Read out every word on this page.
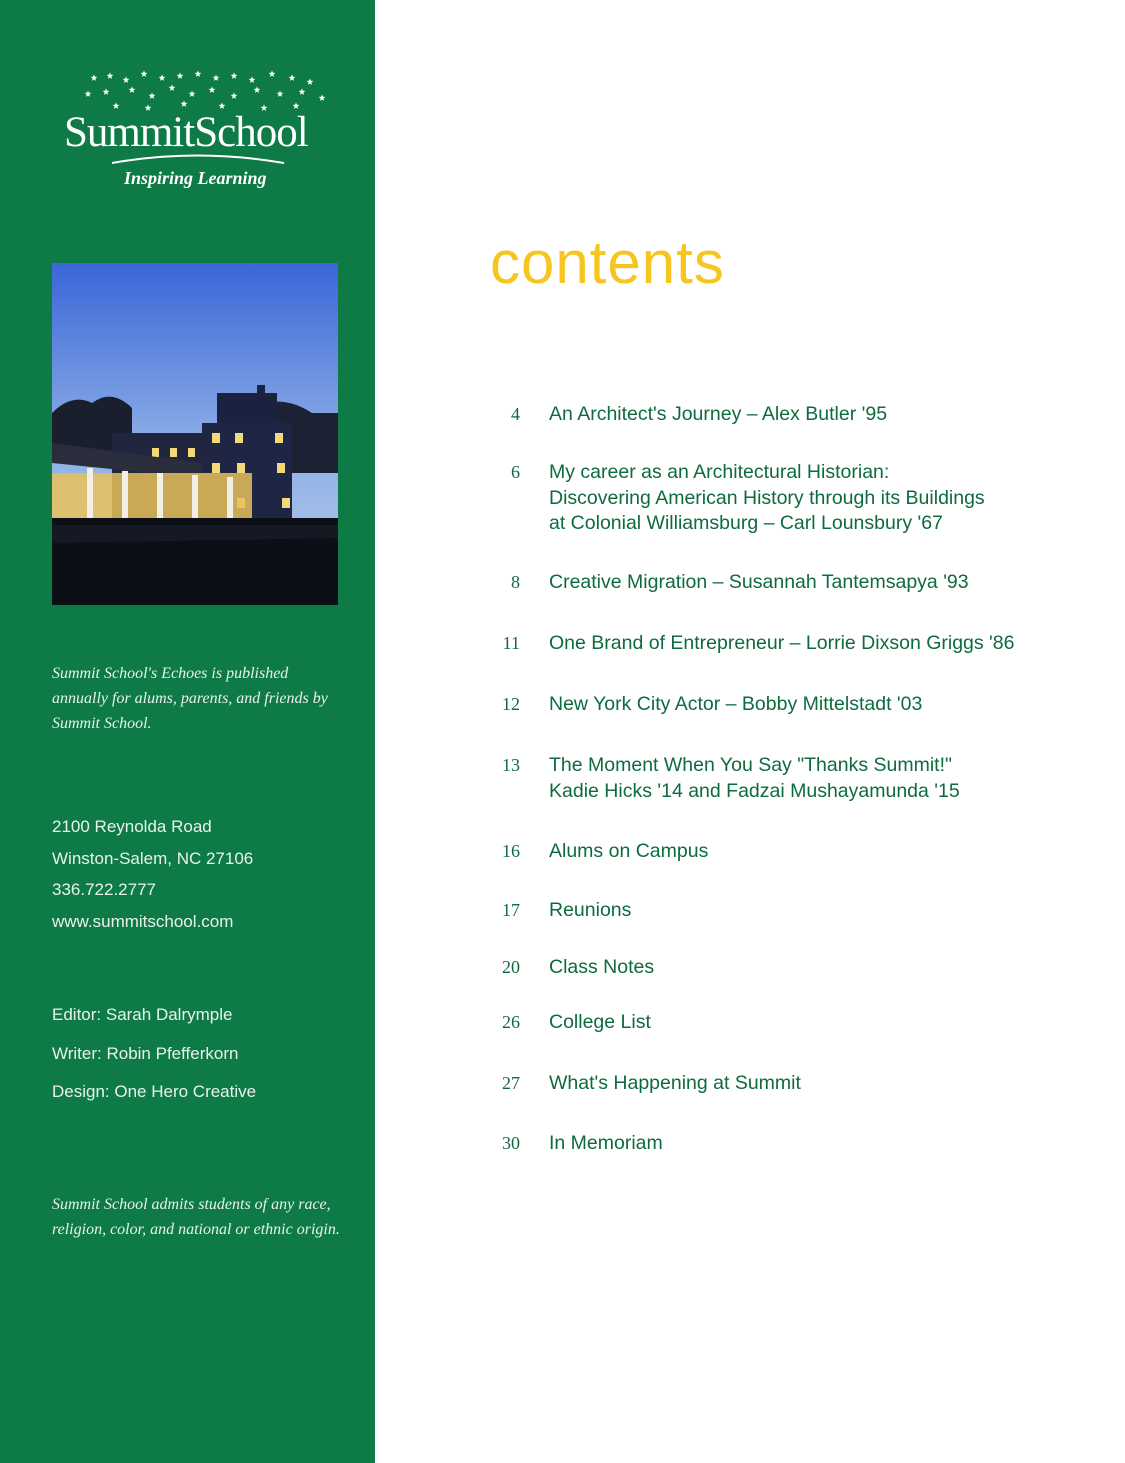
SummitSchool
Inspiring Learning
Summit School's Echoes is published annually for alums, parents, and friends by Summit School.
2100 Reynolda Road
Winston-Salem, NC 27106
336.722.2777
www.summitschool.com
Editor: Sarah Dalrymple
Writer: Robin Pfefferkorn
Design: One Hero Creative
Summit School admits students of any race, religion, color, and national or ethnic origin.
contents
4 An Architect's Journey – Alex Butler '95
6 My career as an Architectural Historian:
Discovering American History through its Buildings
at Colonial Williamsburg – Carl Lounsbury '67
8 Creative Migration – Susannah Tantemsapya '93
11 One Brand of Entrepreneur – Lorrie Dixson Griggs '86
12 New York City Actor – Bobby Mittelstadt '03
13 The Moment When You Say "Thanks Summit!"
Kadie Hicks '14 and Fadzai Mushayamunda '15
16 Alums on Campus
17 Reunions
20 Class Notes
26 College List
27 What's Happening at Summit
30 In Memoriam
